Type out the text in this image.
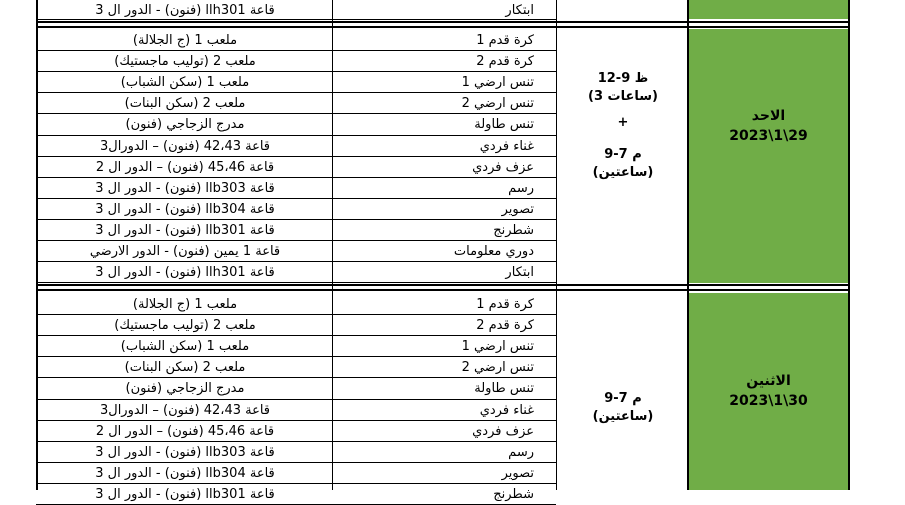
ابتكار
قاعة llh301 (فنون) - الدور ال 3
كرة قدم 1
ملعب 1 (ج الجلالة)
كرة قدم 2
ملعب 2 (توليب ماجستيك)
تنس ارضي 1
ملعب 1 (سكن الشباب)
تنس ارضي 2
ملعب 2 (سكن البنات)
تنس طاولة
مدرج الزجاجي (فنون)
غناء فردي
قاعة 42،43 (فنون) – الدورال3
عزف فردي
قاعة 45،46 (فنون) – الدور ال 2
رسم
قاعة llb303 (فنون) - الدور ال 3
تصوير
قاعة llb304 (فنون) - الدور ال 3
شطرنج
قاعة llb301 (فنون) - الدور ال 3
دوري معلومات
قاعة 1 يمين (فنون) - الدور الارضي
ابتكار
قاعة llh301 (فنون) - الدور ال 3
كرة قدم 1
ملعب 1 (ج الجلالة)
كرة قدم 2
ملعب 2 (توليب ماجستيك)
تنس ارضي 1
ملعب 1 (سكن الشباب)
تنس ارضي 2
ملعب 2 (سكن البنات)
تنس طاولة
مدرج الزجاجي (فنون)
غناء فردي
قاعة 42،43 (فنون) – الدورال3
عزف فردي
قاعة 45،46 (فنون) – الدور ال 2
رسم
قاعة llb303 (فنون) - الدور ال 3
تصوير
قاعة llb304 (فنون) - الدور ال 3
شطرنج
قاعة llb301 (فنون) - الدور ال 3
12-9 ظ
(3 ساعات)
+
9-7 م
(ساعتين)
الاحد
2023\1\29
9-7 م
(ساعتين)
الاثنين
2023\1\30
